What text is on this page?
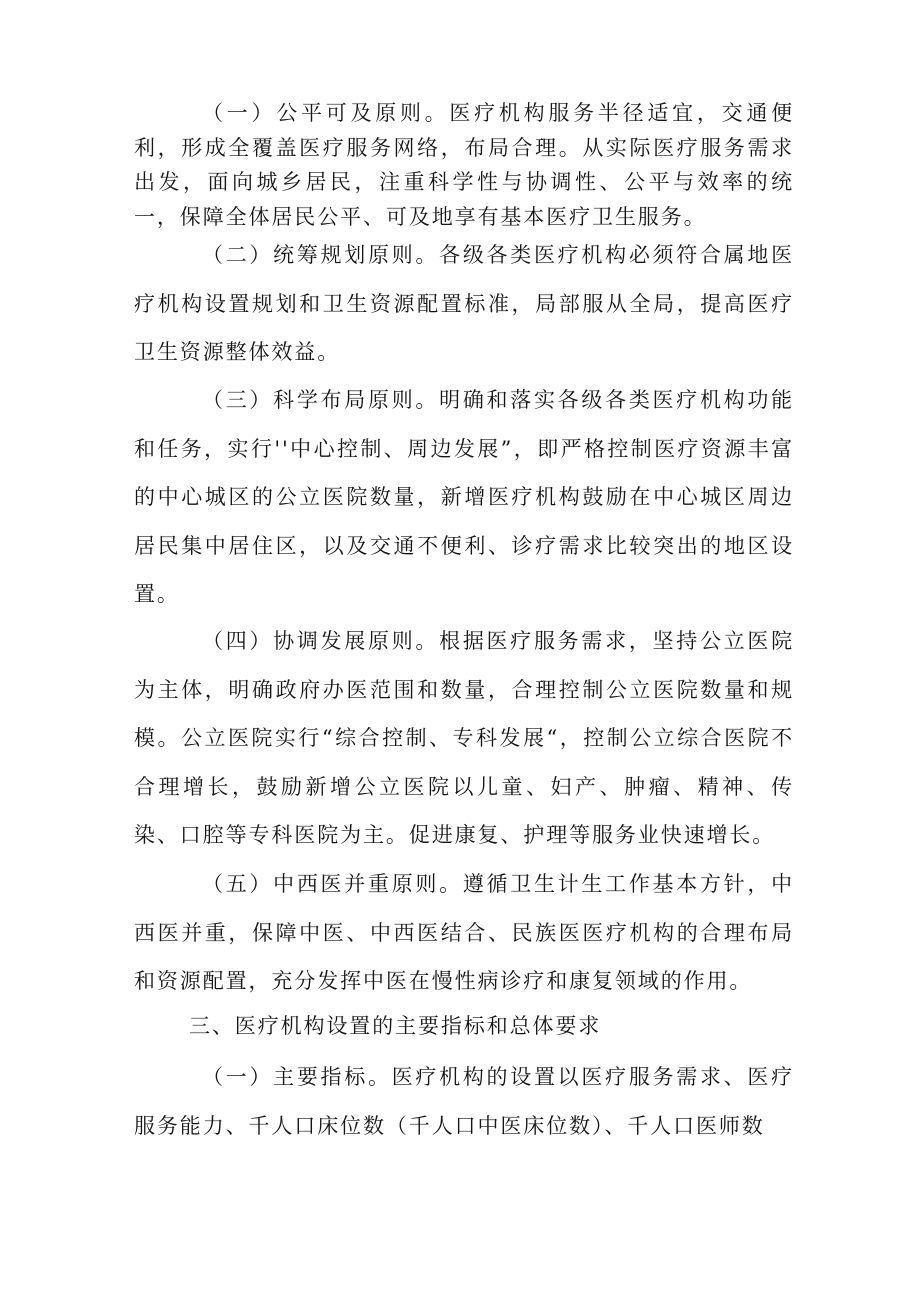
（一）公平可及原则。医疗机构服务半径适宜，交通便利，形成全覆盖医疗服务网络，布局合理。从实际医疗服务需求出发，面向城乡居民，注重科学性与协调性、公平与效率的统一，保障全体居民公平、可及地享有基本医疗卫生服务。

（二）统筹规划原则。各级各类医疗机构必须符合属地医疗机构设置规划和卫生资源配置标准，局部服从全局，提高医疗卫生资源整体效益。

（三）科学布局原则。明确和落实各级各类医疗机构功能和任务，实行''中心控制、周边发展”，即严格控制医疗资源丰富的中心城区的公立医院数量，新增医疗机构鼓励在中心城区周边居民集中居住区，以及交通不便利、诊疗需求比较突出的地区设置。

（四）协调发展原则。根据医疗服务需求，坚持公立医院为主体，明确政府办医范围和数量，合理控制公立医院数量和规模。公立医院实行“综合控制、专科发展“，控制公立综合医院不合理增长，鼓励新增公立医院以儿童、妇产、肿瘤、精神、传染、口腔等专科医院为主。促进康复、护理等服务业快速增长。

（五）中西医并重原则。遵循卫生计生工作基本方针，中西医并重，保障中医、中西医结合、民族医医疗机构的合理布局和资源配置，充分发挥中医在慢性病诊疗和康复领域的作用。

三、医疗机构设置的主要指标和总体要求

（一）主要指标。医疗机构的设置以医疗服务需求、医疗服务能力、千人口床位数（千人口中医床位数）、千人口医师数
